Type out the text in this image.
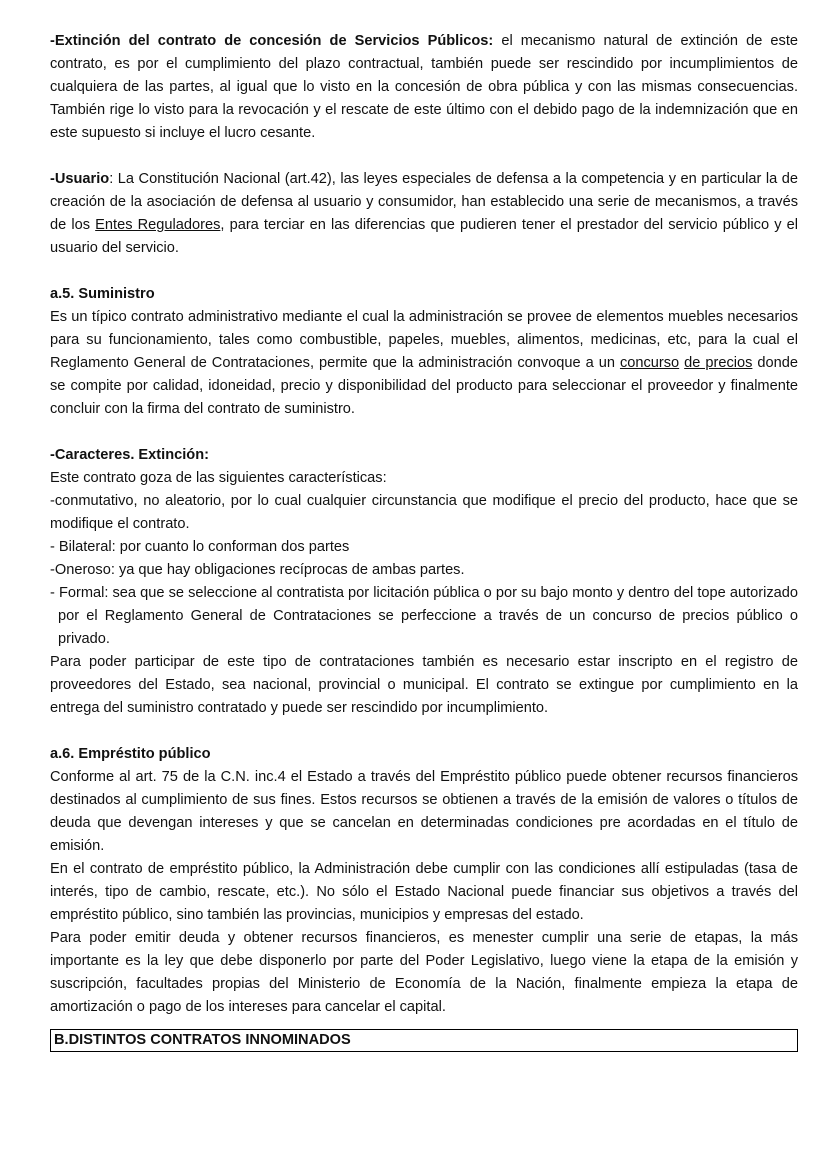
-Extinción del contrato de concesión de Servicios Públicos: el mecanismo natural de extinción de este contrato, es por el cumplimiento del plazo contractual, también puede ser rescindido por incumplimientos de cualquiera de las partes, al igual que lo visto en la concesión de obra pública y con las mismas consecuencias. También rige lo visto para la revocación y el rescate de este último con el debido pago de la indemnización que en este supuesto si incluye el lucro cesante.

-Usuario: La Constitución Nacional (art.42), las leyes especiales de defensa a la competencia y en particular la de creación de la asociación de defensa al usuario y consumidor, han establecido una serie de mecanismos, a través de los Entes Reguladores, para terciar en las diferencias que pudieren tener el prestador del servicio público y el usuario del servicio.

a.5. Suministro

Es un típico contrato administrativo mediante el cual la administración se provee de elementos muebles necesarios para su funcionamiento, tales como combustible, papeles, muebles, alimentos, medicinas, etc, para la cual el Reglamento General de Contrataciones, permite que la administración convoque a un concurso de precios donde se compite por calidad, idoneidad, precio y disponibilidad del producto para seleccionar el proveedor y finalmente concluir con la firma del contrato de suministro.

-Caracteres. Extinción:

Este contrato goza de las siguientes características:

-conmutativo, no aleatorio, por lo cual cualquier circunstancia que modifique el precio del producto, hace que se modifique el contrato.

- Bilateral: por cuanto lo conforman dos partes

-Oneroso: ya que hay obligaciones recíprocas de ambas partes.

- Formal: sea que se seleccione al contratista por licitación pública o por su bajo monto y dentro del tope autorizado por el Reglamento General de Contrataciones se perfeccione a través de un concurso de precios público o privado.

Para poder participar de este tipo de contrataciones también es necesario estar inscripto en el registro de proveedores del Estado, sea nacional, provincial o municipal. El contrato se extingue por cumplimiento en la entrega del suministro contratado y puede ser rescindido por incumplimiento.

a.6. Empréstito público

Conforme al art. 75 de la C.N. inc.4 el Estado a través del Empréstito público puede obtener recursos financieros destinados al cumplimiento de sus fines. Estos recursos se obtienen a través de la emisión de valores o títulos de deuda que devengan intereses y que se cancelan en determinadas condiciones pre acordadas en el título de emisión.

En el contrato de empréstito público, la Administración debe cumplir con las condiciones allí estipuladas (tasa de interés, tipo de cambio, rescate, etc.). No sólo el Estado Nacional puede financiar sus objetivos a través del empréstito público, sino también las provincias, municipios y empresas del estado.

Para poder emitir deuda y obtener recursos financieros, es menester cumplir una serie de etapas, la más importante es la ley que debe disponerlo por parte del Poder Legislativo, luego viene la etapa de la emisión y suscripción, facultades propias del Ministerio de Economía de la Nación, finalmente empieza la etapa de amortización o pago de los intereses para cancelar el capital.

B.DISTINTOS CONTRATOS INNOMINADOS
